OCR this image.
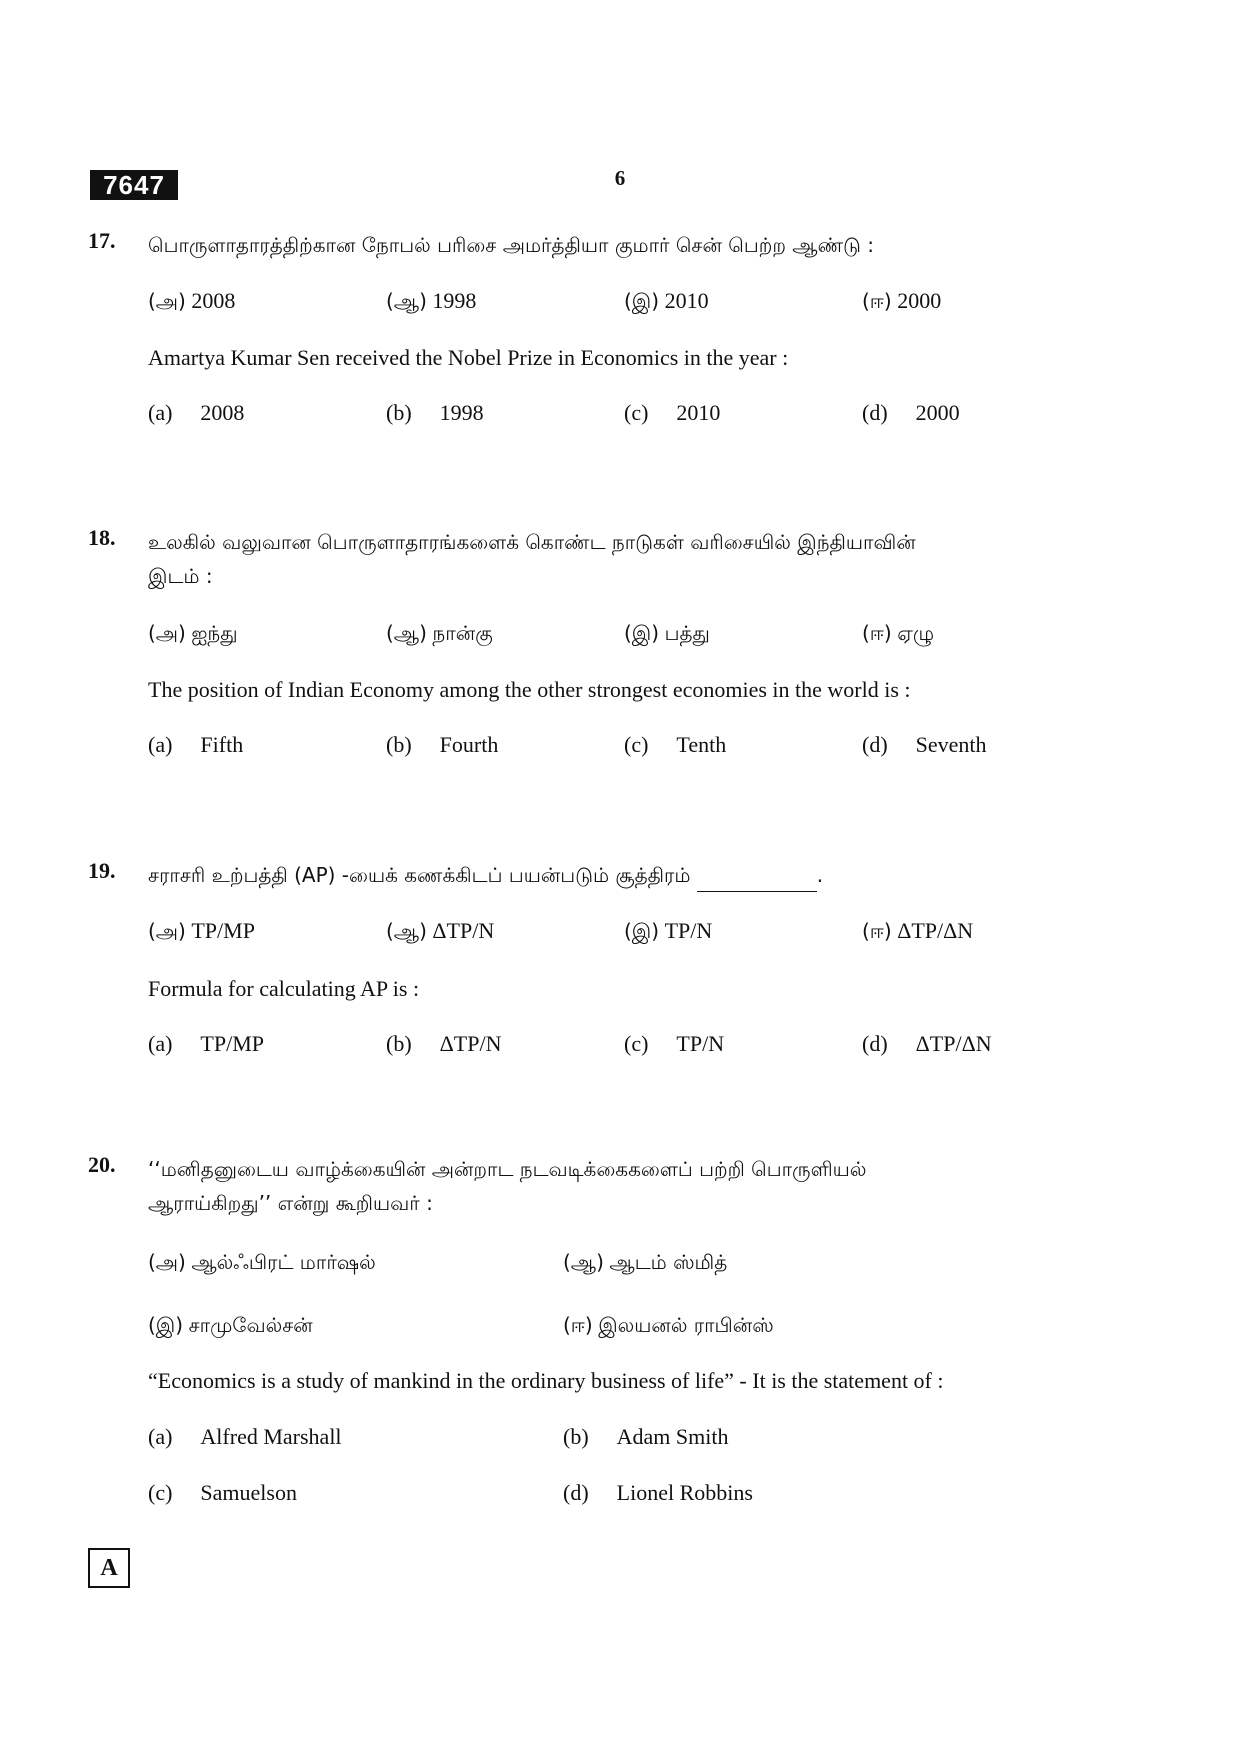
7647	6
17. பொருளாதாரத்திற்கான நோபல் பரிசை அமர்த்தியா குமார் சென் பெற்ற ஆண்டு :
(அ) 2008	(ஆ) 1998	(இ) 2010	(ஈ) 2000
Amartya Kumar Sen received the Nobel Prize in Economics in the year :
(a) 2008	(b) 1998	(c) 2010	(d) 2000
18. உலகில் வலுவான பொருளாதாரங்களைக் கொண்ட நாடுகள் வரிசையில் இந்தியாவின்
இடம் :
(அ) ஐந்து	(ஆ) நான்கு	(இ) பத்து	(ஈ) ஏழு
The position of Indian Economy among the other strongest economies in the world is :
(a) Fifth	(b) Fourth	(c) Tenth	(d) Seventh
19. சராசரி உற்பத்தி (AP) -யைக் கணக்கிடப் பயன்படும் சூத்திரம்	.
(அ) TP/MP	(ஆ) ΔTP/N	(இ) TP/N	(ஈ) ΔTP/ΔN
Formula for calculating AP is :
(a) TP/MP	(b) ΔTP/N	(c) TP/N	(d) ΔTP/ΔN
20. ‘‘மனிதனுடைய வாழ்க்கையின் அன்றாட நடவடிக்கைகளைப் பற்றி பொருளியல்
ஆராய்கிறது’’ என்று கூறியவர் :
(அ) ஆல்ஃபிரட் மார்ஷல்	(ஆ) ஆடம் ஸ்மித்
(இ) சாமுவேல்சன்	(ஈ) இலயனல் ராபின்ஸ்
“Economics is a study of mankind in the ordinary business of life” - It is the statement of :
(a) Alfred Marshall	(b) Adam Smith
(c) Samuelson	(d) Lionel Robbins
A
